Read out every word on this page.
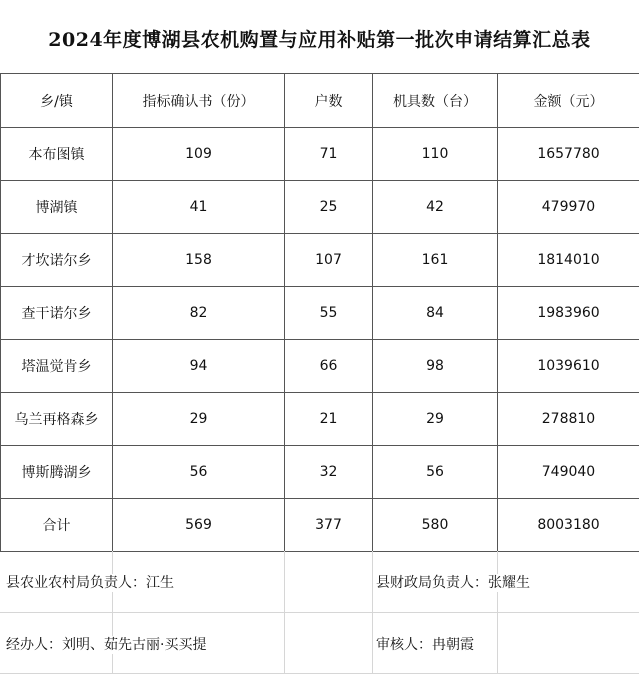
2024年度博湖县农机购置与应用补贴第一批次申请结算汇总表
乡/镇	指标确认书（份）	户数	机具数（台）	金额（元）
本布图镇	109	71	110	1657780
博湖镇	41	25	42	479970
才坎诺尔乡	158	107	161	1814010
查干诺尔乡	82	55	84	1983960
塔温觉肯乡	94	66	98	1039610
乌兰再格森乡	29	21	29	278810
博斯腾湖乡	56	32	56	749040
合计	569	377	580	8003180
县农业农村局负责人：江生	县财政局负责人：张耀生
经办人：刘明、茹先古丽·买买提	审核人：冉朝霞
